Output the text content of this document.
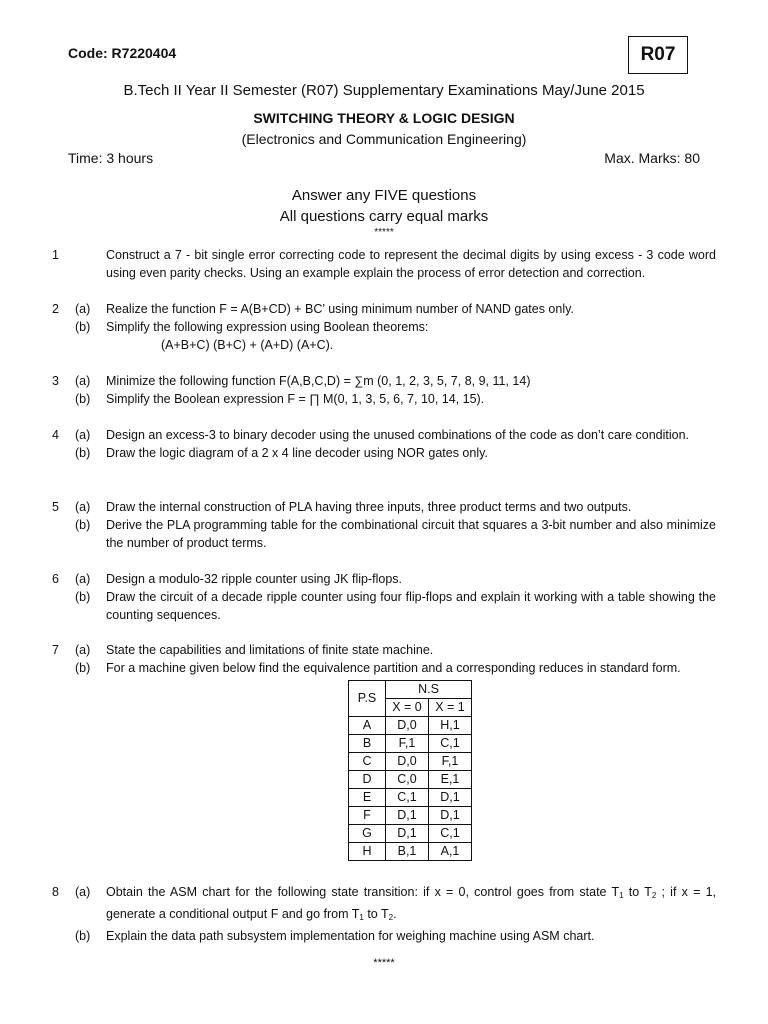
Code: R7220404	R07
B.Tech II Year II Semester (R07) Supplementary Examinations May/June 2015
SWITCHING THEORY & LOGIC DESIGN
(Electronics and Communication Engineering)
Time: 3 hours	Max. Marks: 80
Answer any FIVE questions
All questions carry equal marks
*****
1	Construct a 7 - bit single error correcting code to represent the decimal digits by using excess - 3 code word using even parity checks. Using an example explain the process of error detection and correction.
2 (a) Realize the function F = A(B+CD) + BC’ using minimum number of NAND gates only.
(b) Simplify the following expression using Boolean theorems:
(A+B+C) (B+C) + (A+D) (A+C).
3 (a) Minimize the following function F(A,B,C,D) = ∑m (0, 1, 2, 3, 5, 7, 8, 9, 11, 14)
(b) Simplify the Boolean expression F = ∏ M(0, 1, 3, 5, 6, 7, 10, 14, 15).
4 (a) Design an excess-3 to binary decoder using the unused combinations of the code as don’t care condition.
(b) Draw the logic diagram of a 2 x 4 line decoder using NOR gates only.
5 (a) Draw the internal construction of PLA having three inputs, three product terms and two outputs.
(b) Derive the PLA programming table for the combinational circuit that squares a 3-bit number and also minimize the number of product terms.
6 (a) Design a modulo-32 ripple counter using JK flip-flops.
(b) Draw the circuit of a decade ripple counter using four flip-flops and explain it working with a table showing the counting sequences.
7 (a) State the capabilities and limitations of finite state machine.
(b) For a machine given below find the equivalence partition and a corresponding reduces in standard form.
P.S	N.S	
	X = 0	X = 1
A	D,0	H,1
B	F,1	C,1
C	D,0	F,1
D	C,0	E,1
E	C,1	D,1
F	D,1	D,1
G	D,1	C,1
H	B,1	A,1
8 (a) Obtain the ASM chart for the following state transition: if x = 0, control goes from state $T_1$ to $T_2$ ; if x = 1, generate a conditional output F and go from $T_1$ to $T_2$.
(b) Explain the data path subsystem implementation for weighing machine using ASM chart.
*****
